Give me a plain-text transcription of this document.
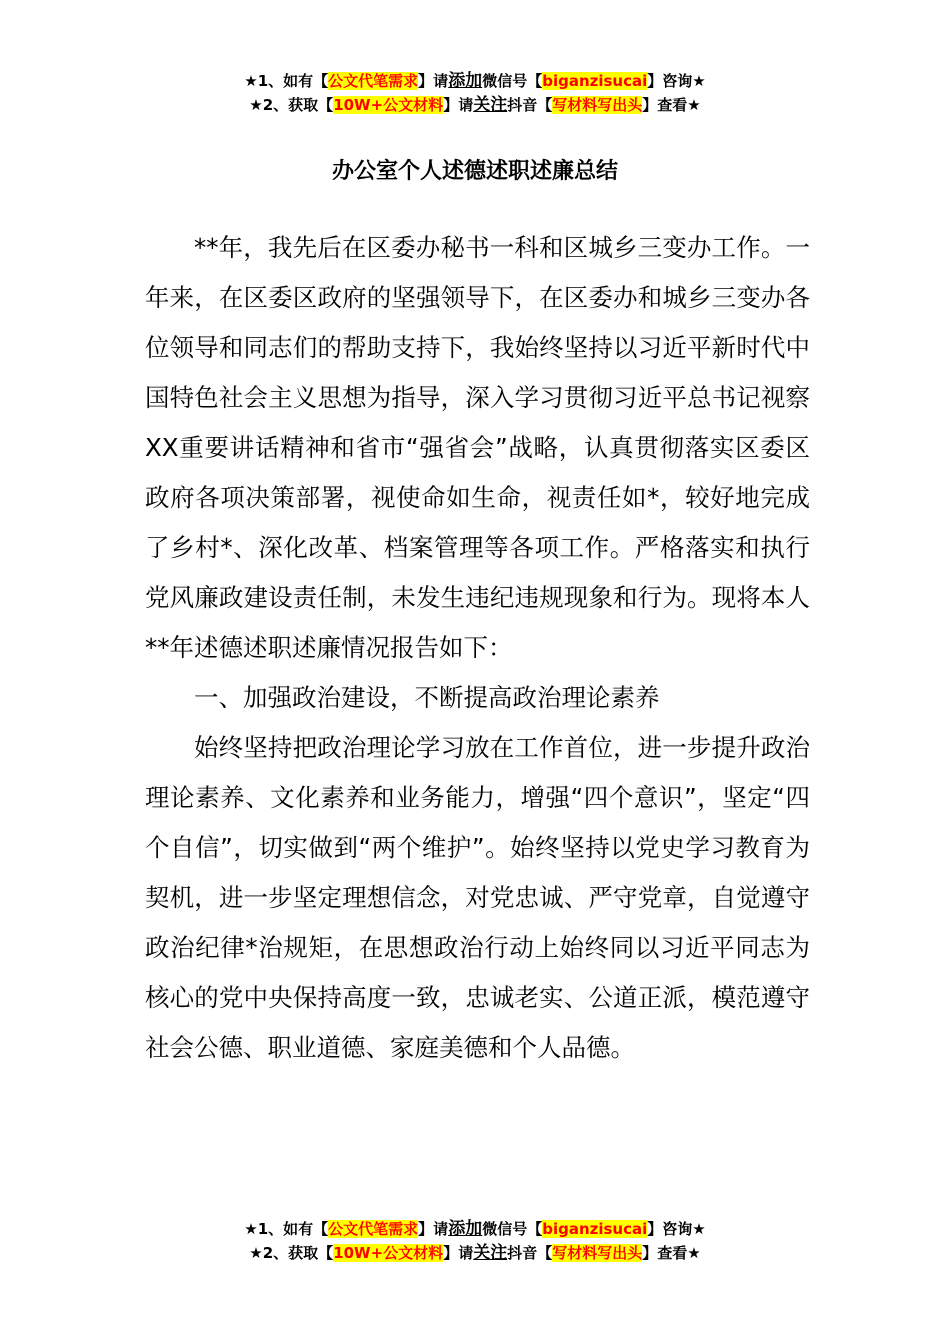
★1、如有【公文代笔需求】请添加微信号【biganzisucai】咨询★
★2、获取【10W+公文材料】请关注抖音【写材料写出头】查看★
办公室个人述德述职述廉总结

**年，我先后在区委办秘书一科和区城乡三变办工作。一年来，在区委区政府的坚强领导下，在区委办和城乡三变办各位领导和同志们的帮助支持下，我始终坚持以习近平新时代中国特色社会主义思想为指导，深入学习贯彻习近平总书记视察XX重要讲话精神和省市“强省会”战略，认真贯彻落实区委区政府各项决策部署，视使命如生命，视责任如*，较好地完成了乡村*、深化改革、档案管理等各项工作。严格落实和执行党风廉政建设责任制，未发生违纪违规现象和行为。现将本人**年述德述职述廉情况报告如下：

一、加强政治建设，不断提高政治理论素养

始终坚持把政治理论学习放在工作首位，进一步提升政治理论素养、文化素养和业务能力，增强“四个意识”，坚定“四个自信”，切实做到“两个维护”。始终坚持以党史学习教育为契机，进一步坚定理想信念，对党忠诚、严守党章，自觉遵守政治纪律*治规矩，在思想政治行动上始终同以习近平同志为核心的党中央保持高度一致，忠诚老实、公道正派，模范遵守社会公德、职业道德、家庭美德和个人品德。

★1、如有【公文代笔需求】请添加微信号【biganzisucai】咨询★
★2、获取【10W+公文材料】请关注抖音【写材料写出头】查看★
